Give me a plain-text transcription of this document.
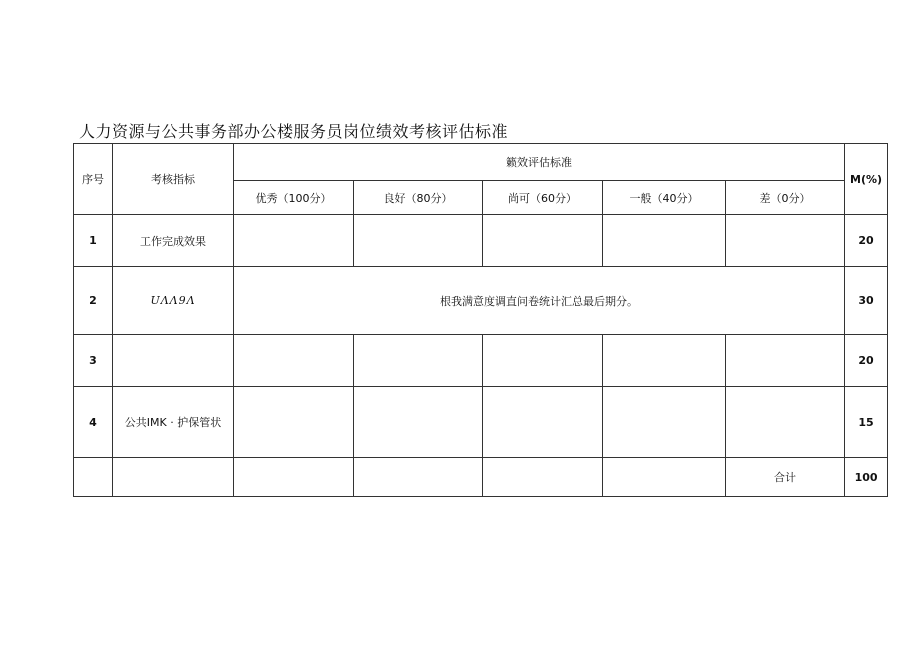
人力资源与公共事务部办公楼服务员岗位绩效考核评估标准
序号	考核指标	籁效评估标准					M(%)
		优秀（100分）	良好（80分）	尚可（60分）	一般（40分）	差（0分）	
1	工作完成效果						20
2	UΛΛ9Λ	根我满意度调直问卷统计汇总最后期分。					30
3							20
4	公共IMK · 护保管状						15
						合计	100
